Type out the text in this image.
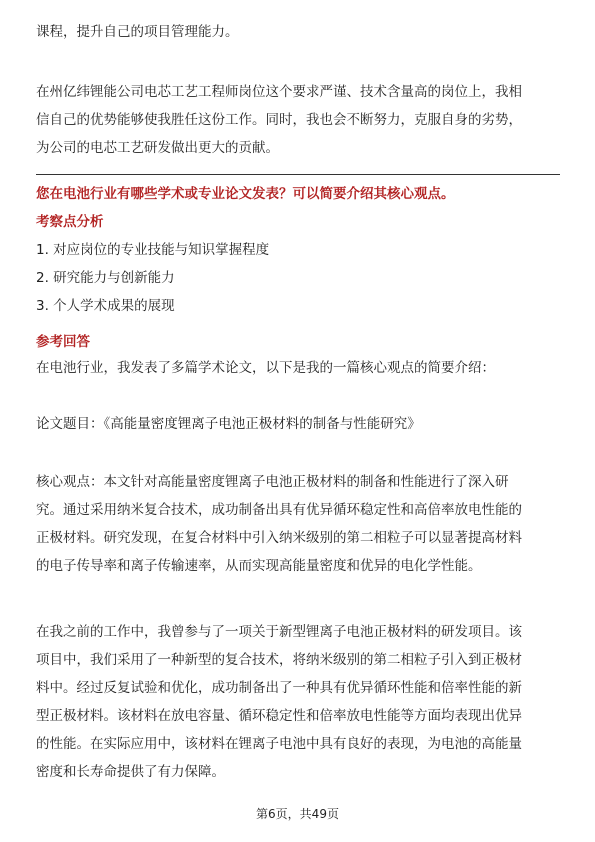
课程，提升自己的项目管理能力。

在州亿纬锂能公司电芯工艺工程师岗位这个要求严谨、技术含量高的岗位上，我相
信自己的优势能够使我胜任这份工作。同时，我也会不断努力，克服自身的劣势，
为公司的电芯工艺研发做出更大的贡献。

您在电池行业有哪些学术或专业论文发表？可以简要介绍其核心观点。

考察点分析

1. 对应岗位的专业技能与知识掌握程度

2. 研究能力与创新能力

3. 个人学术成果的展现

参考回答

在电池行业，我发表了多篇学术论文，以下是我的一篇核心观点的简要介绍：

论文题目：《高能量密度锂离子电池正极材料的制备与性能研究》

核心观点：本文针对高能量密度锂离子电池正极材料的制备和性能进行了深入研
究。通过采用纳米复合技术，成功制备出具有优异循环稳定性和高倍率放电性能的
正极材料。研究发现，在复合材料中引入纳米级别的第二相粒子可以显著提高材料
的电子传导率和离子传输速率，从而实现高能量密度和优异的电化学性能。

在我之前的工作中，我曾参与了一项关于新型锂离子电池正极材料的研发项目。该
项目中，我们采用了一种新型的复合技术，将纳米级别的第二相粒子引入到正极材
料中。经过反复试验和优化，成功制备出了一种具有优异循环性能和倍率性能的新
型正极材料。该材料在放电容量、循环稳定性和倍率放电性能等方面均表现出优异
的性能。在实际应用中，该材料在锂离子电池中具有良好的表现，为电池的高能量
密度和长寿命提供了有力保障。

第6页，共49页
